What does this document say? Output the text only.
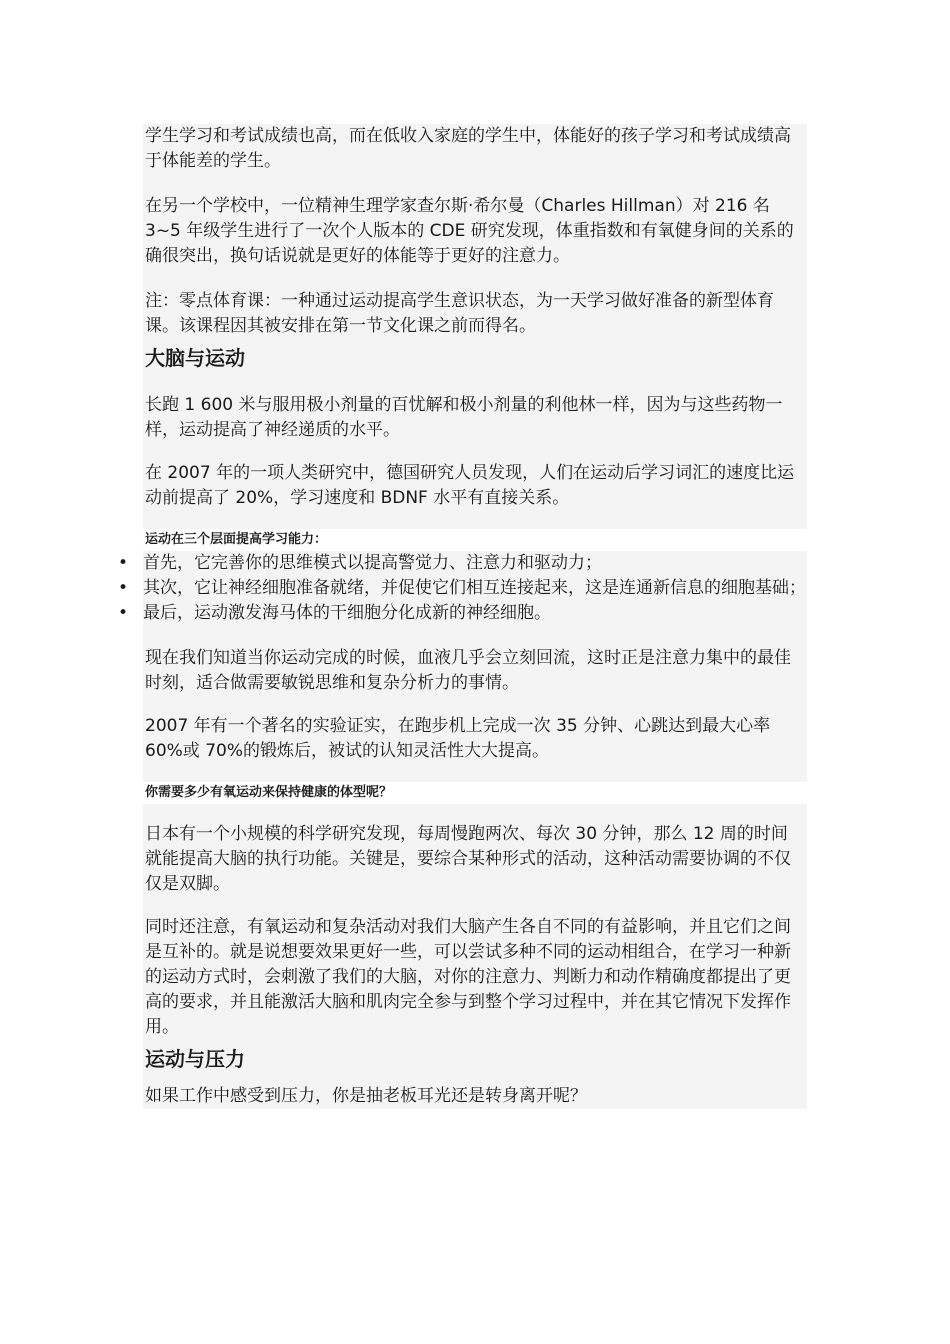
学生学习和考试成绩也高，而在低收入家庭的学生中，体能好的孩子学习和考试成绩高于体能差的学生。

在另一个学校中，一位精神生理学家查尔斯·希尔曼（Charles Hillman）对 216 名 3~5 年级学生进行了一次个人版本的 CDE 研究发现，体重指数和有氧健身间的关系的确很突出，换句话说就是更好的体能等于更好的注意力。

注：零点体育课：一种通过运动提高学生意识状态，为一天学习做好准备的新型体育课。该课程因其被安排在第一节文化课之前而得名。

大脑与运动

长跑 1 600 米与服用极小剂量的百忧解和极小剂量的利他林一样，因为与这些药物一样，运动提高了神经递质的水平。

在 2007 年的一项人类研究中，德国研究人员发现，人们在运动后学习词汇的速度比运动前提高了 20%，学习速度和 BDNF 水平有直接关系。

运动在三个层面提高学习能力：

• 首先，它完善你的思维模式以提高警觉力、注意力和驱动力；
• 其次，它让神经细胞准备就绪，并促使它们相互连接起来，这是连通新信息的细胞基础；
• 最后，运动激发海马体的干细胞分化成新的神经细胞。

现在我们知道当你运动完成的时候，血液几乎会立刻回流，这时正是注意力集中的最佳时刻，适合做需要敏锐思维和复杂分析力的事情。

2007 年有一个著名的实验证实，在跑步机上完成一次 35 分钟、心跳达到最大心率 60%或 70%的锻炼后，被试的认知灵活性大大提高。

你需要多少有氧运动来保持健康的体型呢？

日本有一个小规模的科学研究发现，每周慢跑两次、每次 30 分钟，那么 12 周的时间就能提高大脑的执行功能。关键是，要综合某种形式的活动，这种活动需要协调的不仅仅是双脚。

同时还注意，有氧运动和复杂活动对我们大脑产生各自不同的有益影响，并且它们之间是互补的。就是说想要效果更好一些，可以尝试多种不同的运动相组合，在学习一种新的运动方式时，会刺激了我们的大脑，对你的注意力、判断力和动作精确度都提出了更高的要求，并且能激活大脑和肌肉完全参与到整个学习过程中，并在其它情况下发挥作用。

运动与压力

如果工作中感受到压力，你是抽老板耳光还是转身离开呢？
